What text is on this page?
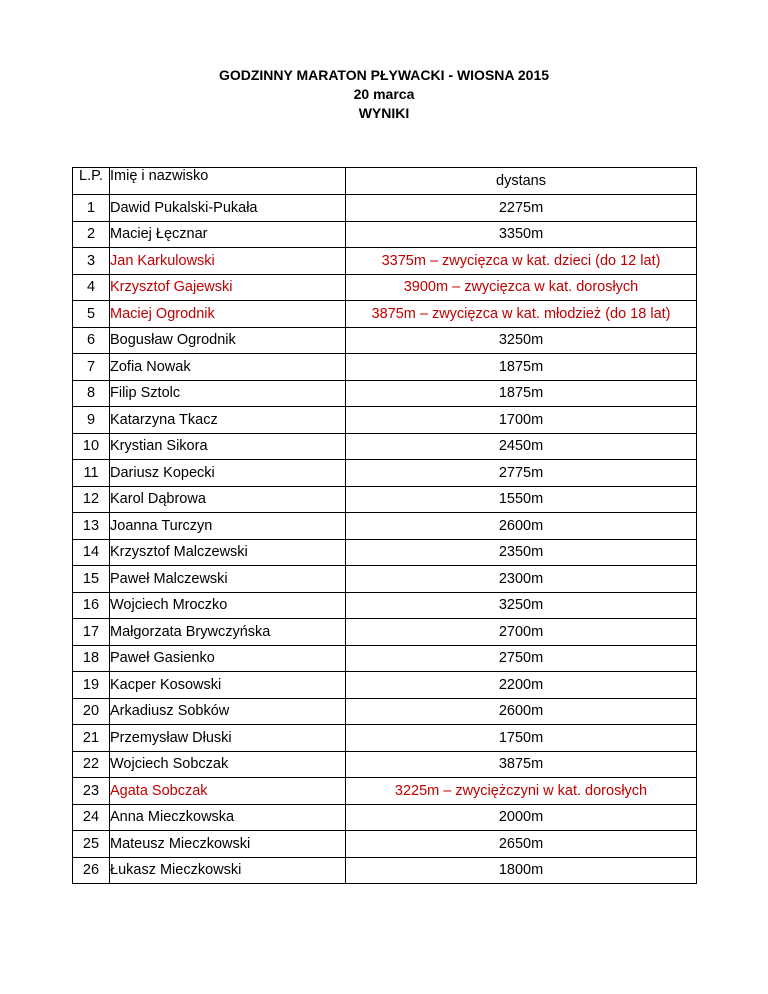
GODZINNY MARATON PŁYWACKI - WIOSNA 2015
20 marca
WYNIKI
L.P.	Imię i nazwisko	dystans
1	Dawid Pukalski-Pukała	2275m
2	Maciej Łęcznar	3350m
3	Jan Karkulowski	3375m – zwycięzca w kat. dzieci (do 12 lat)
4	Krzysztof Gajewski	3900m – zwycięzca w kat. dorosłych
5	Maciej Ogrodnik	3875m – zwycięzca w kat. młodzież (do 18 lat)
6	Bogusław Ogrodnik	3250m
7	Zofia Nowak	1875m
8	Filip Sztolc	1875m
9	Katarzyna Tkacz	1700m
10	Krystian Sikora	2450m
11	Dariusz Kopecki	2775m
12	Karol Dąbrowa	1550m
13	Joanna Turczyn	2600m
14	Krzysztof Malczewski	2350m
15	Paweł Malczewski	2300m
16	Wojciech Mroczko	3250m
17	Małgorzata Brywczyńska	2700m
18	Paweł Gasienko	2750m
19	Kacper Kosowski	2200m
20	Arkadiusz Sobków	2600m
21	Przemysław Dłuski	1750m
22	Wojciech Sobczak	3875m
23	Agata Sobczak	3225m – zwyciężczyni w kat. dorosłych
24	Anna Mieczkowska	2000m
25	Mateusz Mieczkowski	2650m
26	Łukasz Mieczkowski	1800m
